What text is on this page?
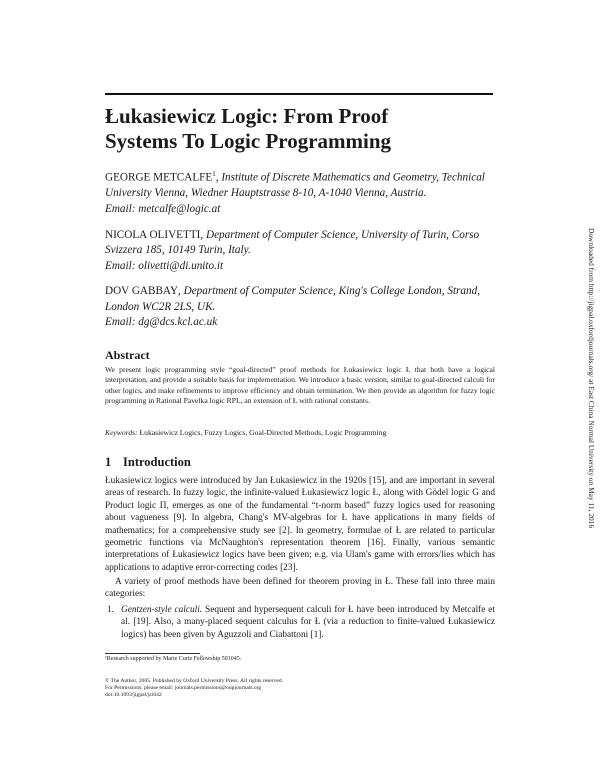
Łukasiewicz Logic: From Proof
Systems To Logic Programming

GEORGE METCALFE$^1$, Institute of Discrete Mathematics and Geometry, Technical University Vienna, Wiedner Hauptstrasse 8-10, A-1040 Vienna, Austria.
Email: metcalfe@logic.at

NICOLA OLIVETTI, Department of Computer Science, University of Turin, Corso Svizzera 185, 10149 Turin, Italy.
Email: olivetti@di.unito.it

DOV GABBAY, Department of Computer Science, King's College London, Strand, London WC2R 2LS, UK.
Email: dg@dcs.kcl.ac.uk

Abstract

We present logic programming style “goal-directed” proof methods for Łukasiewicz logic Ł that both have a logical interpretation, and provide a suitable basis for implementation. We introduce a basic version, similar to goal-directed calculi for other logics, and make refinements to improve efficiency and obtain termination. We then provide an algorithm for fuzzy logic programming in Rational Pavelka logic RPL, an extension of Ł with rational constants.

Keywords: Łukasiewicz Logics, Fuzzy Logics, Goal-Directed Methods, Logic Programming

1 Introduction

Łukasiewicz logics were introduced by Jan Łukasiewicz in the 1920s [15], and are important in several areas of research. In fuzzy logic, the infinite-valued Łukasiewicz logic Ł, along with Gödel logic G and Product logic Π, emerges as one of the fundamental “t-norm based” fuzzy logics used for reasoning about vagueness [9]. In algebra, Chang's MV-algebras for Ł have applications in many fields of mathematics; for a comprehensive study see [2]. In geometry, formulae of Ł are related to particular geometric functions via McNaughton's representation theorem [16]. Finally, various semantic interpretations of Łukasiewicz logics have been given; e.g. via Ulam's game with errors/lies which has applications to adaptive error-correcting codes [23].

A variety of proof methods have been defined for theorem proving in Ł. These fall into three main categories:

1. Gentzen-style calculi. Sequent and hypersequent calculi for Ł have been introduced by Metcalfe et al. [19]. Also, a many-placed sequent calculus for Ł (via a reduction to finite-valued Łukasiewicz logics) has been given by Aguzzoli and Ciabattoni [1].

¹Research supported by Marie Curie Fellowship 501045.

© The Author, 2005. Published by Oxford University Press. All rights reserved.
For Permissions, please email: journals.permissions@oupjournals.org
doi:10.1093/jigpal/jzi042

Downloaded from http://jigpal.oxfordjournals.org/ at East China Normal University on May 11, 2016
